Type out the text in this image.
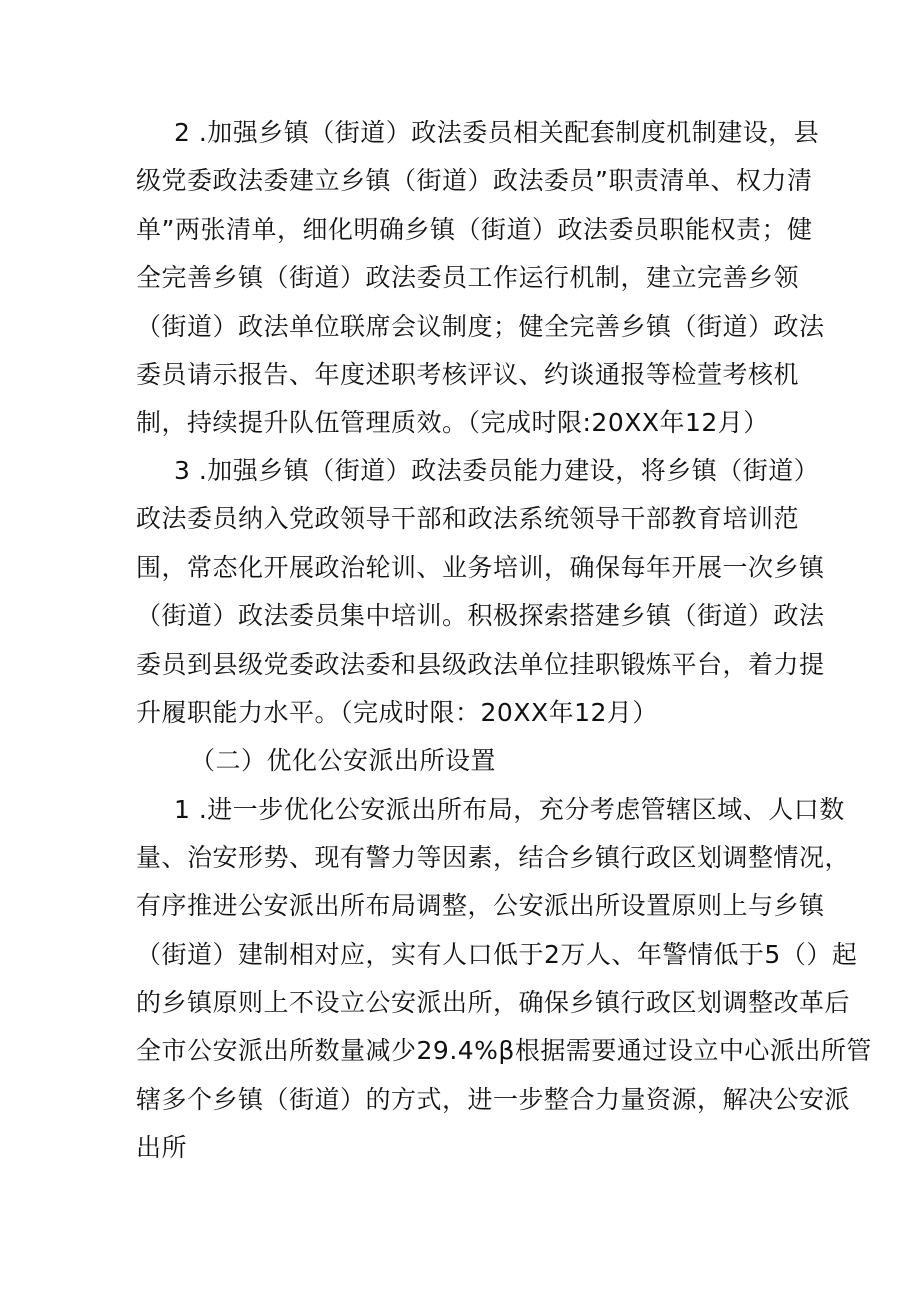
2 .加强乡镇（街道）政法委员相关配套制度机制建设，县
级党委政法委建立乡镇（街道）政法委员”职责清单、权力清
单”两张清单，细化明确乡镇（街道）政法委员职能权责；健
全完善乡镇（街道）政法委员工作运行机制，建立完善乡领
（街道）政法单位联席会议制度；健全完善乡镇（街道）政法
委员请示报告、年度述职考核评议、约谈通报等检萱考核机
制，持续提升队伍管理质效。（完成时限:20XX年12月）
3 .加强乡镇（街道）政法委员能力建设，将乡镇（街道）
政法委员纳入党政领导干部和政法系统领导干部教育培训范
围，常态化开展政治轮训、业务培训，确保每年开展一次乡镇
（街道）政法委员集中培训。积极探索搭建乡镇（街道）政法
委员到县级党委政法委和县级政法单位挂职锻炼平台，着力提
升履职能力水平。（完成时限：20XX年12月）
（二）优化公安派出所设置
1 .进一步优化公安派出所布局，充分考虑管辖区域、人口数
量、治安形势、现有警力等因素，结合乡镇行政区划调整情况，
有序推进公安派出所布局调整，公安派出所设置原则上与乡镇
（街道）建制相对应，实有人口低于2万人、年警情低于5（）起
的乡镇原则上不设立公安派出所，确保乡镇行政区划调整改革后
全市公安派出所数量减少29.4%β根据需要通过设立中心派出所管
辖多个乡镇（街道）的方式，进一步整合力量资源，解决公安派
出所
